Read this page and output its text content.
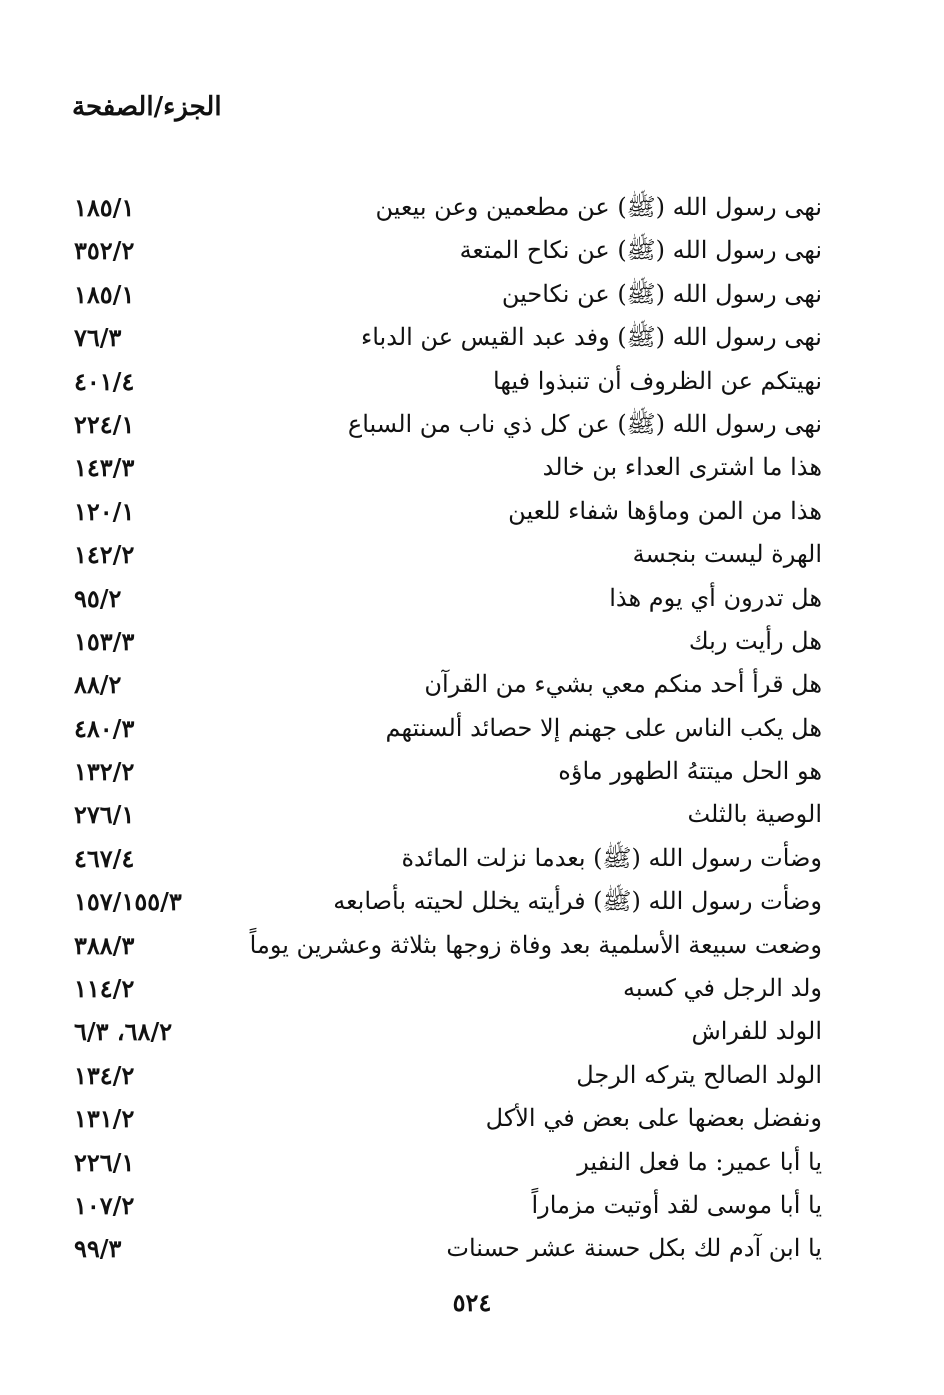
الجزء/الصفحة
نهى رسول الله (ﷺ) عن مطعمين وعن بيعين
١٨٥/١
نهى رسول الله (ﷺ) عن نكاح المتعة
٣٥٢/٢
نهى رسول الله (ﷺ) عن نكاحين
١٨٥/١
نهى رسول الله (ﷺ) وفد عبد القيس عن الدباء
٧٦/٣
نهيتكم عن الظروف أن تنبذوا فيها
٤٠١/٤
نهى رسول الله (ﷺ) عن كل ذي ناب من السباع
٢٢٤/١
هذا ما اشترى العداء بن خالد
١٤٣/٣
هذا من المن وماؤها شفاء للعين
١٢٠/١
الهرة ليست بنجسة
١٤٢/٢
هل تدرون أي يوم هذا
٩٥/٢
هل رأيت ربك
١٥٣/٣
هل قرأ أحد منكم معي بشيء من القرآن
٨٨/٢
هل يكب الناس على جهنم إلا حصائد ألسنتهم
٤٨٠/٣
هو الحل ميتتهُ الطهور ماؤه
١٣٢/٢
الوصية بالثلث
٢٧٦/١
وضأت رسول الله (ﷺ) بعدما نزلت المائدة
٤٦٧/٤
وضأت رسول الله (ﷺ) فرأيته يخلل لحيته بأصابعه
١٥٧/١٥٥/٣
وضعت سبيعة الأسلمية بعد وفاة زوجها بثلاثة وعشرين يوماً
٣٨٨/٣
ولد الرجل في كسبه
١١٤/٢
الولد للفراش
٦٨/٢، ٦/٣
الولد الصالح يتركه الرجل
١٣٤/٢
ونفضل بعضها على بعض في الأكل
١٣١/٢
يا أبا عمير: ما فعل النفير
٢٢٦/١
يا أبا موسى لقد أوتيت مزماراً
١٠٧/٢
يا ابن آدم لك بكل حسنة عشر حسنات
٩٩/٣
٥٢٤
